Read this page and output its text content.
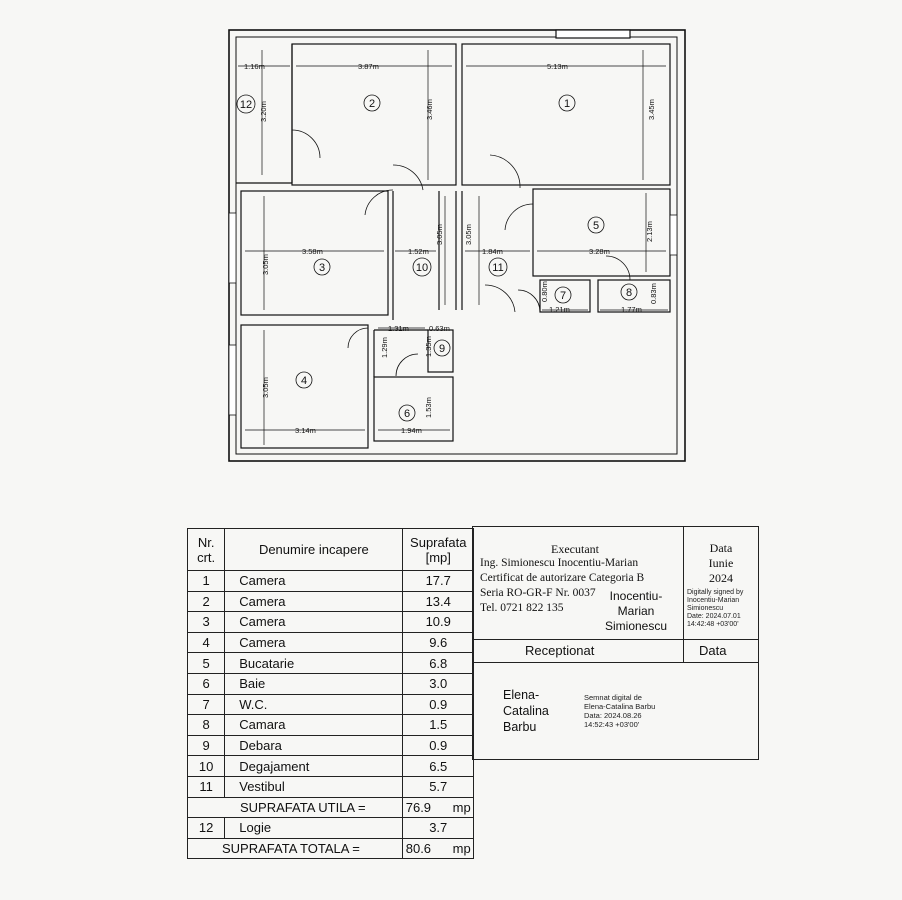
1.16m	3.87m	5.13m
3.20m	3.46m	3.45m
3.58m	1.52m	1.84m	3.28m
2.13m
3.05m
3.05m	3.05m
0.80m
1.21m	1.77m
0.83m
1.31m	0.63m
1.29m	1.35m
3.05m
3.14m	1.94m
1.53m
1
2
3
4
5
6
7	8
9
10	11
12
Nr. crt.	Denumire incapere	Suprafata [mp]
1	Camera	17.7
2	Camera	13.4
3	Camera	10.9
4	Camera	9.6
5	Bucatarie	6.8
6	Baie	3.0
7	W.C.	0.9
8	Camara	1.5
9	Debara	0.9
10	Degajament	6.5
11	Vestibul	5.7
SUPRAFATA UTILA =		76.9 mp
12	Logie	3.7
SUPRAFATA TOTALA =		80.6 mp
Executant
Ing. Simionescu Inocentiu-Marian
Certificat de autorizare Categoria B
Seria RO-GR-F Nr. 0037
Tel. 0721 822 135
Inocentiu-
Marian
Simionescu
Digitally signed by
Inocentiu-Marian
Simionescu
Date: 2024.07.01
14:42:48 +03'00'
Data
Iunie
2024
Receptionat	Data
Elena-
Catalina
Barbu
Semnat digital de
Elena-Catalina Barbu
Data: 2024.08.26
14:52:43 +03'00'
